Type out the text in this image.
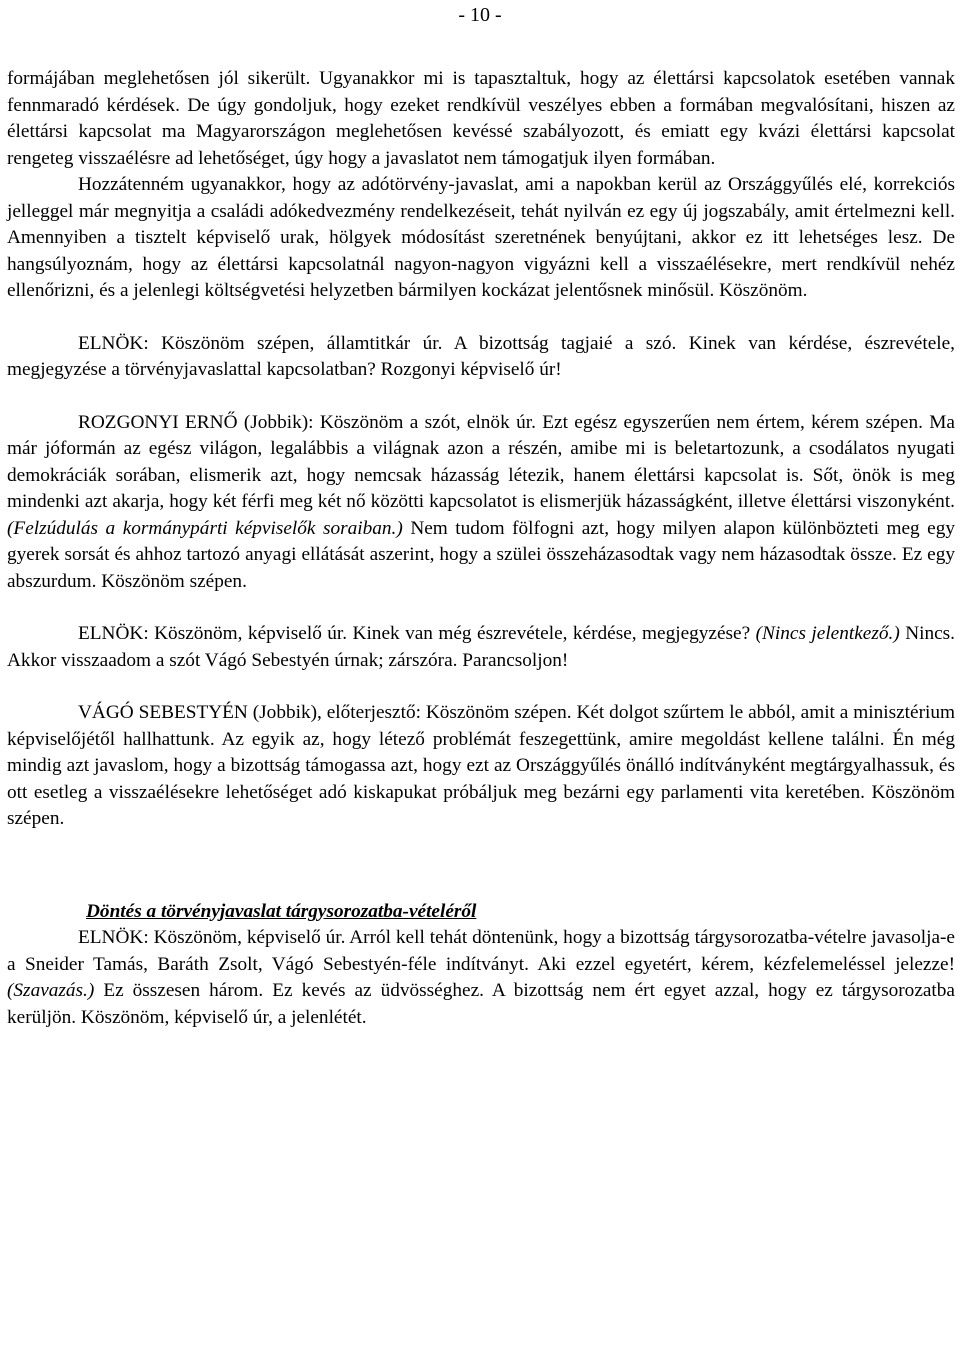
- 10 -

formájában meglehetősen jól sikerült. Ugyanakkor mi is tapasztaltuk, hogy az élettársi kapcsolatok esetében vannak fennmaradó kérdések. De úgy gondoljuk, hogy ezeket rendkívül veszélyes ebben a formában megvalósítani, hiszen az élettársi kapcsolat ma Magyarországon meglehetősen kevéssé szabályozott, és emiatt egy kvázi élettársi kapcsolat rengeteg visszaélésre ad lehetőséget, úgy hogy a javaslatot nem támogatjuk ilyen formában.

Hozzátenném ugyanakkor, hogy az adótörvény-javaslat, ami a napokban kerül az Országgyűlés elé, korrekciós jelleggel már megnyitja a családi adókedvezmény rendelkezéseit, tehát nyilván ez egy új jogszabály, amit értelmezni kell. Amennyiben a tisztelt képviselő urak, hölgyek módosítást szeretnének benyújtani, akkor ez itt lehetséges lesz. De hangsúlyoznám, hogy az élettársi kapcsolatnál nagyon-nagyon vigyázni kell a visszaélésekre, mert rendkívül nehéz ellenőrizni, és a jelenlegi költségvetési helyzetben bármilyen kockázat jelentősnek minősül. Köszönöm.

ELNÖK: Köszönöm szépen, államtitkár úr. A bizottság tagjaié a szó. Kinek van kérdése, észrevétele, megjegyzése a törvényjavaslattal kapcsolatban? Rozgonyi képviselő úr!

ROZGONYI ERNŐ (Jobbik): Köszönöm a szót, elnök úr. Ezt egész egyszerűen nem értem, kérem szépen. Ma már jóformán az egész világon, legalábbis a világnak azon a részén, amibe mi is beletartozunk, a csodálatos nyugati demokráciák sorában, elismerik azt, hogy nemcsak házasság létezik, hanem élettársi kapcsolat is. Sőt, önök is meg mindenki azt akarja, hogy két férfi meg két nő közötti kapcsolatot is elismerjük házasságként, illetve élettársi viszonyként. (Felzúdulás a kormánypárti képviselők soraiban.) Nem tudom fölfogni azt, hogy milyen alapon különbözteti meg egy gyerek sorsát és ahhoz tartozó anyagi ellátását aszerint, hogy a szülei összeházasodtak vagy nem házasodtak össze. Ez egy abszurdum. Köszönöm szépen.

ELNÖK: Köszönöm, képviselő úr. Kinek van még észrevétele, kérdése, megjegyzése? (Nincs jelentkező.) Nincs. Akkor visszaadom a szót Vágó Sebestyén úrnak; zárszóra. Parancsoljon!

VÁGÓ SEBESTYÉN (Jobbik), előterjesztő: Köszönöm szépen. Két dolgot szűrtem le abból, amit a minisztérium képviselőjétől hallhattunk. Az egyik az, hogy létező problémát feszegettünk, amire megoldást kellene találni. Én még mindig azt javaslom, hogy a bizottság támogassa azt, hogy ezt az Országgyűlés önálló indítványként megtárgyalhassuk, és ott esetleg a visszaélésekre lehetőséget adó kiskapukat próbáljuk meg bezárni egy parlamenti vita keretében. Köszönöm szépen.

Döntés a törvényjavaslat tárgysorozatba-vételéről

ELNÖK: Köszönöm, képviselő úr. Arról kell tehát döntenünk, hogy a bizottság tárgysorozatba-vételre javasolja-e a Sneider Tamás, Baráth Zsolt, Vágó Sebestyén-féle indítványt. Aki ezzel egyetért, kérem, kézfelemeléssel jelezze! (Szavazás.) Ez összesen három. Ez kevés az üdvösséghez. A bizottság nem ért egyet azzal, hogy ez tárgysorozatba kerüljön. Köszönöm, képviselő úr, a jelenlétét.
